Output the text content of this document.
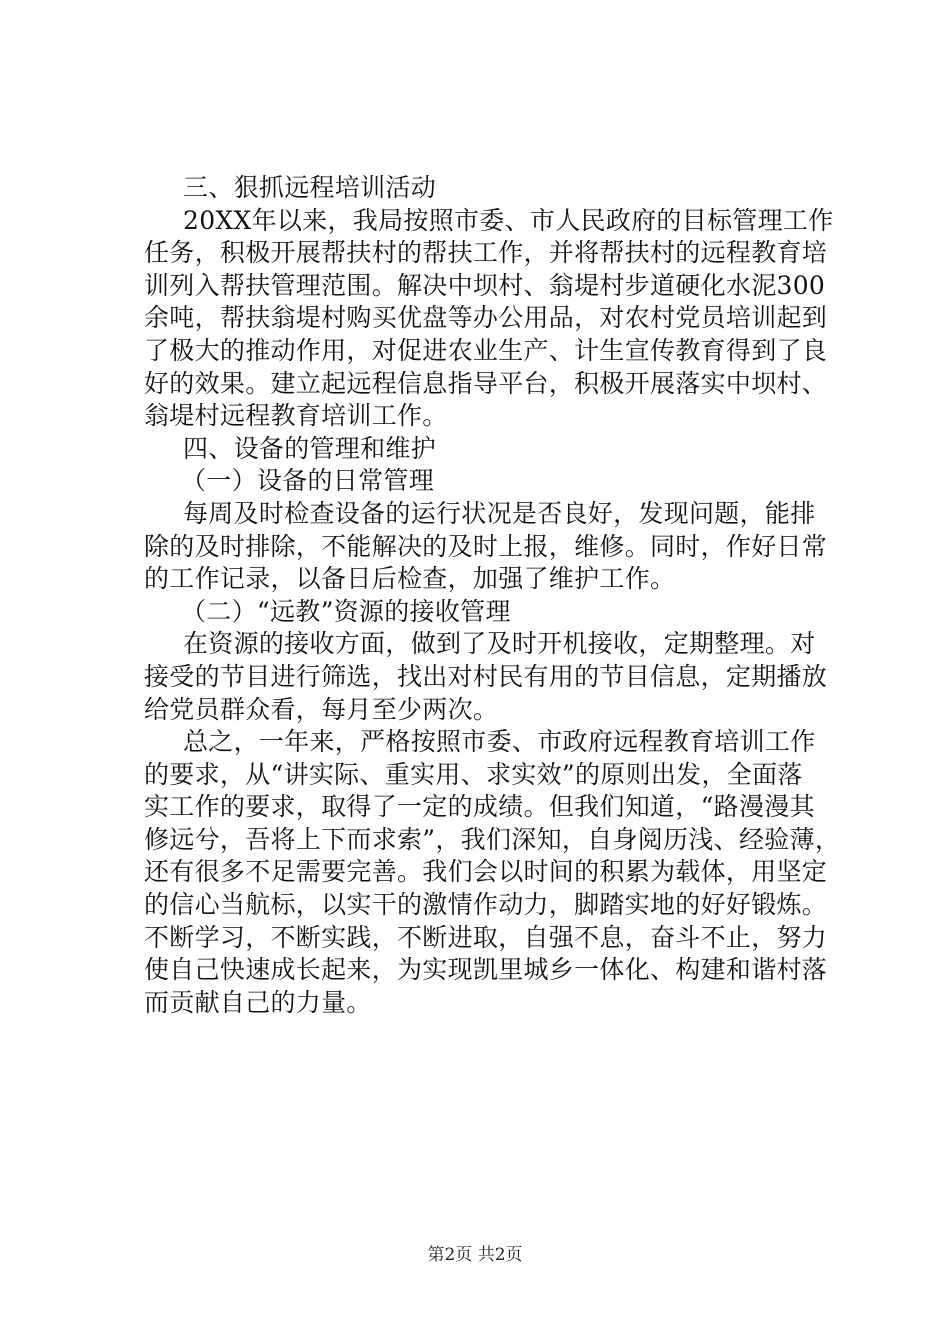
三、狠抓远程培训活动
20XX年以来，我局按照市委、市人民政府的目标管理工作
任务，积极开展帮扶村的帮扶工作，并将帮扶村的远程教育培
训列入帮扶管理范围。解决中坝村、翁堤村步道硬化水泥300
余吨，帮扶翁堤村购买优盘等办公用品，对农村党员培训起到
了极大的推动作用，对促进农业生产、计生宣传教育得到了良
好的效果。建立起远程信息指导平台，积极开展落实中坝村、
翁堤村远程教育培训工作。
四、设备的管理和维护
（一）设备的日常管理
每周及时检查设备的运行状况是否良好，发现问题，能排
除的及时排除，不能解决的及时上报，维修。同时，作好日常
的工作记录，以备日后检查，加强了维护工作。
（二）“远教”资源的接收管理
在资源的接收方面，做到了及时开机接收，定期整理。对
接受的节目进行筛选，找出对村民有用的节目信息，定期播放
给党员群众看，每月至少两次。
总之，一年来，严格按照市委、市政府远程教育培训工作
的要求，从“讲实际、重实用、求实效”的原则出发，全面落
实工作的要求，取得了一定的成绩。但我们知道，“路漫漫其
修远兮，吾将上下而求索”，我们深知，自身阅历浅、经验薄，
还有很多不足需要完善。我们会以时间的积累为载体，用坚定
的信心当航标，以实干的激情作动力，脚踏实地的好好锻炼。
不断学习，不断实践，不断进取，自强不息，奋斗不止，努力
使自己快速成长起来，为实现凯里城乡一体化、构建和谐村落
而贡献自己的力量。
第2页 共2页
